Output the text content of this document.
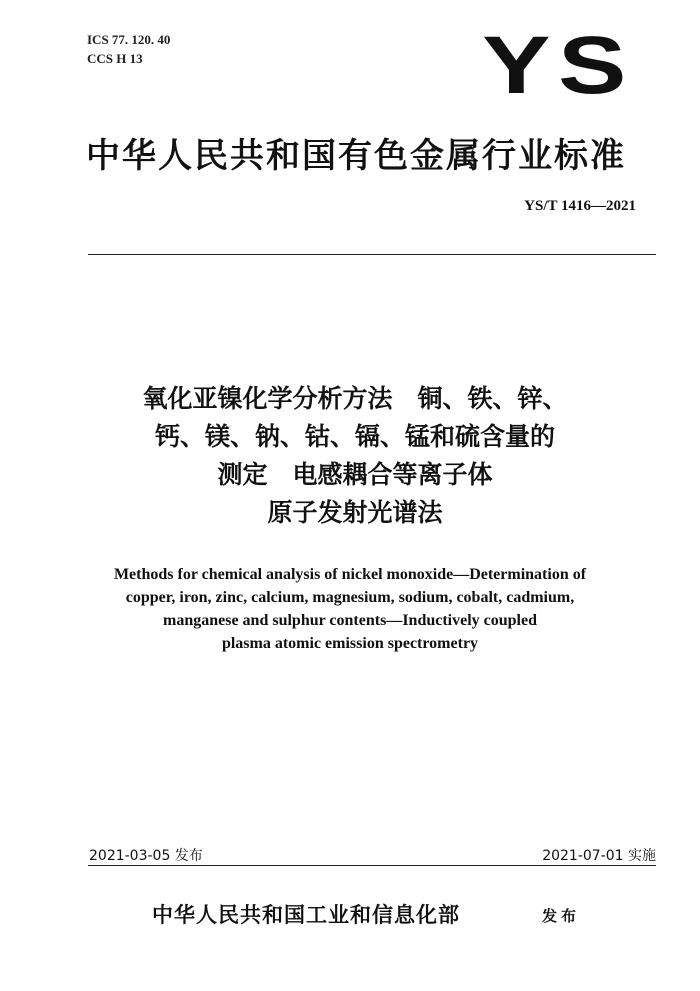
ICS 77. 120. 40
CCS H 13	YS
中华人民共和国有色金属行业标准
YS/T 1416—2021
氧化亚镍化学分析方法　铜、铁、锌、
钙、镁、钠、钴、镉、锰和硫含量的
测定　电感耦合等离子体
原子发射光谱法
Methods for chemical analysis of nickel monoxide—Determination of
copper, iron, zinc, calcium, magnesium, sodium, cobalt, cadmium,
manganese and sulphur contents—Inductively coupled
plasma atomic emission spectrometry
2021-03-05 发布	2021-07-01 实施
中华人民共和国工业和信息化部	发布
